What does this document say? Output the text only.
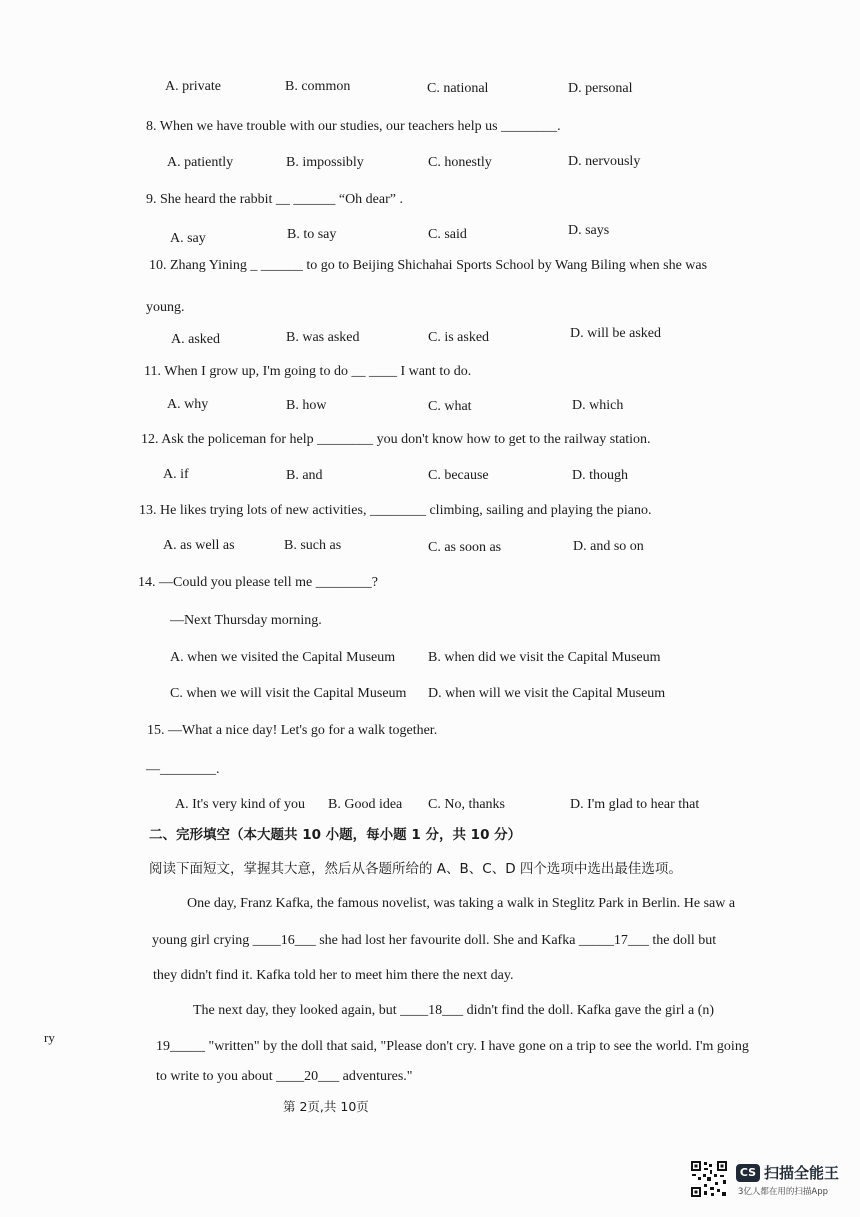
A. private	B. common	C. national	D. personal
8. When we have trouble with our studies, our teachers help us ________.
A. patiently	B. impossibly	C. honestly	D. nervously
9. She heard the rabbit __ ______ “Oh dear” .
A. say	B. to say	C. said	D. says
10. Zhang Yining _ ______ to go to Beijing Shichahai Sports School by Wang Biling when she was
young.
A. asked	B. was asked	C. is asked	D. will be asked
11. When I grow up, I'm going to do __ ____ I want to do.
A. why	B. how	C. what	D. which
12. Ask the policeman for help ________ you don't know how to get to the railway station.
A. if	B. and	C. because	D. though
13. He likes trying lots of new activities, ________ climbing, sailing and playing the piano.
A. as well as	B. such as	C. as soon as	D. and so on
14. —Could you please tell me ________?
—Next Thursday morning.
A. when we visited the Capital Museum B. when did we visit the Capital Museum
C. when we will visit the Capital Museum D. when will we visit the Capital Museum
15. —What a nice day! Let's go for a walk together.
—________.
A. It's very kind of you B. Good idea C. No, thanks	D. I'm glad to hear that
二、完形填空（本大题共 10 小题，每小题 1 分，共 10 分）
阅读下面短文，掌握其大意，然后从各题所给的 A、B、C、D 四个选项中选出最佳选项。
One day, Franz Kafka, the famous novelist, was taking a walk in Steglitz Park in Berlin. He saw a
young girl crying ____16___ she had lost her favourite doll. She and Kafka _____17___ the doll but
they didn't find it. Kafka told her to meet him there the next day.
The next day, they looked again, but ____18___ didn't find the doll. Kafka gave the girl a (n)
19_____ "written" by the doll that said, "Please don't cry. I have gone on a trip to see the world. I'm going
to write to you about ____20___ adventures."
ry
第 2页,共 10页
CS 扫描全能王
3亿人都在用的扫描App
